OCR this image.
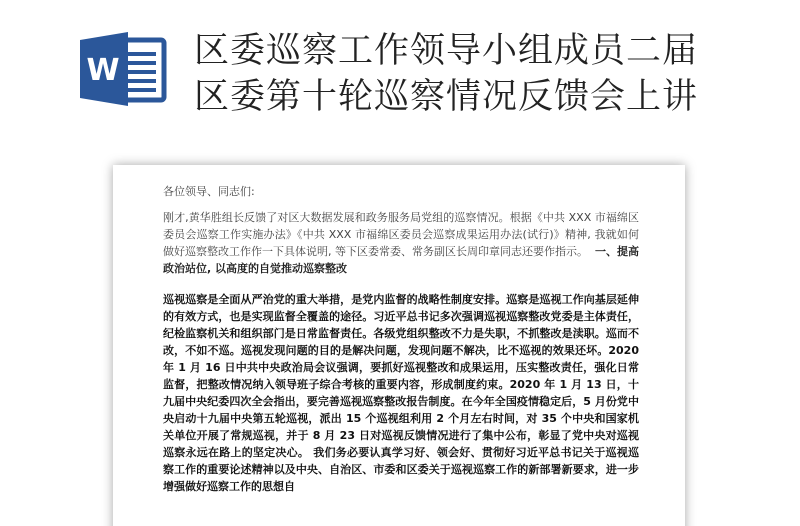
W 区委巡察工作领导小组成员二届
区委第十轮巡察情况反馈会上讲

各位领导、同志们:

刚才,黄华胜组长反馈了对区大数据发展和政务服务局党组的巡察情况。根据《中共 XXX 市福绵区委员会巡察工作实施办法》《中共 XXX 市福绵区委员会巡察成果运用办法(试行)》精神, 我就如何做好巡察整改工作作一下具体说明, 等下区委常委、常务副区长周印章同志还要作指示。 一、提高政治站位, 以高度的自觉推动巡察整改

巡视巡察是全面从严治党的重大举措，是党内监督的战略性制度安排。巡察是巡视工作向基层延伸的有效方式，也是实现监督全覆盖的途径。习近平总书记多次强调巡视巡察整改党委是主体责任，纪检监察机关和组织部门是日常监督责任。各级党组织整改不力是失职，不抓整改是渎职。巡而不改，不如不巡。巡视发现问题的目的是解决问题，发现问题不解决，比不巡视的效果还坏。2020 年 1 月 16 日中共中央政治局会议强调，要抓好巡视整改和成果运用，压实整改责任，强化日常监督，把整改情况纳入领导班子综合考核的重要内容，形成制度约束。2020 年 1 月 13 日，十九届中央纪委四次全会指出，要完善巡视巡察整改报告制度。在今年全国疫情稳定后，5 月份党中央启动十九届中央第五轮巡视，派出 15 个巡视组利用 2 个月左右时间，对 35 个中央和国家机关单位开展了常规巡视，并于 8 月 23 日对巡视反馈情况进行了集中公布，彰显了党中央对巡视巡察永远在路上的坚定决心。 我们务必要认真学习好、领会好、贯彻好习近平总书记关于巡视巡察工作的重要论述精神以及中央、自治区、市委和区委关于巡视巡察工作的新部署新要求，进一步增强做好巡察工作的思想自
